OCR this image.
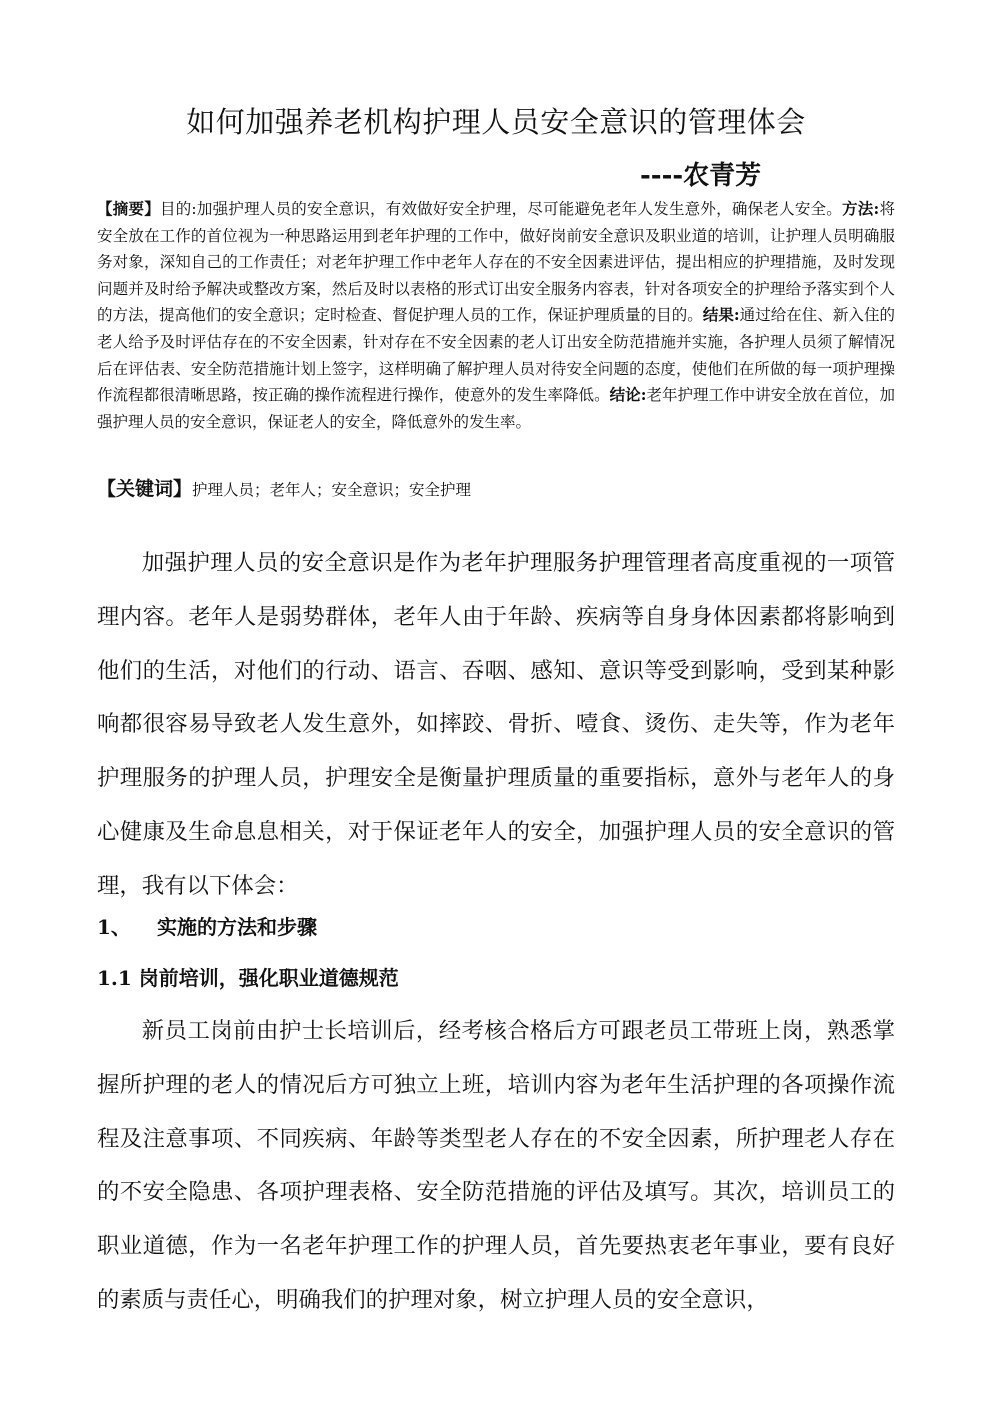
如何加强养老机构护理人员安全意识的管理体会
----农青芳

【摘要】目的:加强护理人员的安全意识，有效做好安全护理，尽可能避免老年人发生意外，确保老人安全。方法:将安全放在工作的首位视为一种思路运用到老年护理的工作中，做好岗前安全意识及职业道的培训，让护理人员明确服务对象，深知自己的工作责任；对老年护理工作中老年人存在的不安全因素进评估，提出相应的护理措施，及时发现问题并及时给予解决或整改方案，然后及时以表格的形式订出安全服务内容表，针对各项安全的护理给予落实到个人的方法，提高他们的安全意识；定时检查、督促护理人员的工作，保证护理质量的目的。结果:通过给在住、新入住的老人给予及时评估存在的不安全因素，针对存在不安全因素的老人订出安全防范措施并实施，各护理人员须了解情况后在评估表、安全防范措施计划上签字，这样明确了解护理人员对待安全问题的态度，使他们在所做的每一项护理操作流程都很清晰思路，按正确的操作流程进行操作，使意外的发生率降低。结论:老年护理工作中讲安全放在首位，加强护理人员的安全意识，保证老人的安全，降低意外的发生率。

【关键词】护理人员；老年人；安全意识；安全护理

加强护理人员的安全意识是作为老年护理服务护理管理者高度重视的一项管理内容。老年人是弱势群体，老年人由于年龄、疾病等自身身体因素都将影响到他们的生活，对他们的行动、语言、吞咽、感知、意识等受到影响，受到某种影响都很容易导致老人发生意外，如摔跤、骨折、噎食、烫伤、走失等，作为老年护理服务的护理人员，护理安全是衡量护理质量的重要指标，意外与老年人的身心健康及生命息息相关，对于保证老年人的安全，加强护理人员的安全意识的管理，我有以下体会：

1、 实施的方法和步骤
1.1 岗前培训，强化职业道德规范

新员工岗前由护士长培训后，经考核合格后方可跟老员工带班上岗，熟悉掌握所护理的老人的情况后方可独立上班，培训内容为老年生活护理的各项操作流程及注意事项、不同疾病、年龄等类型老人存在的不安全因素，所护理老人存在的不安全隐患、各项护理表格、安全防范措施的评估及填写。其次，培训员工的职业道德，作为一名老年护理工作的护理人员，首先要热衷老年事业，要有良好的素质与责任心，明确我们的护理对象，树立护理人员的安全意识，
